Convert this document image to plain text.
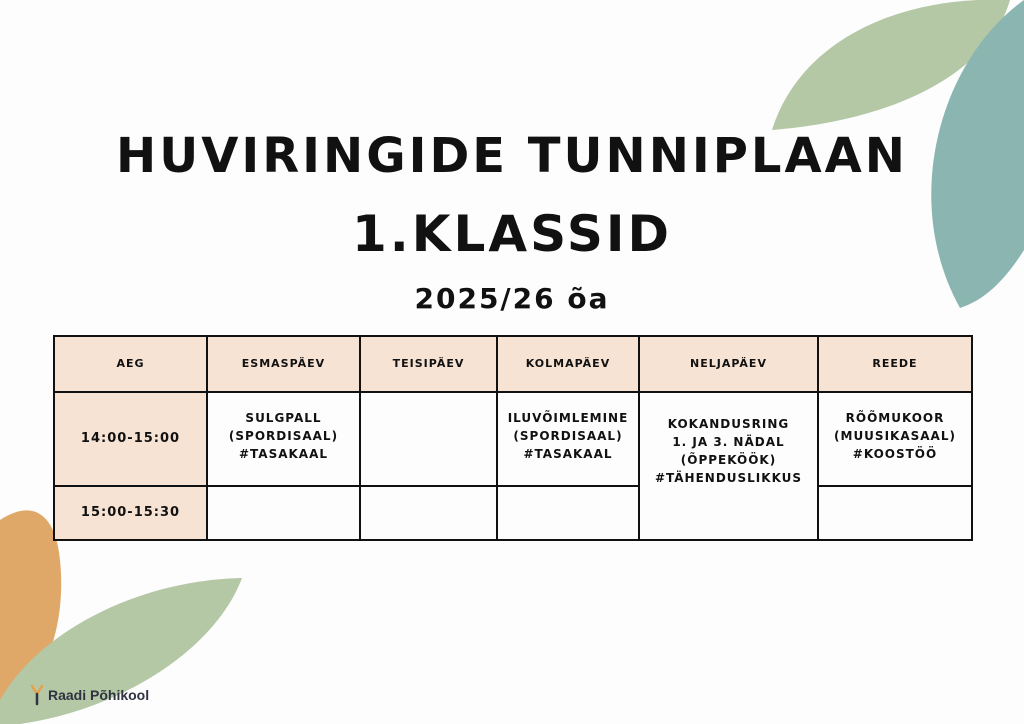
HUVIRINGIDE TUNNIPLAAN
1.KLASSID
2025/26 õa
AEG	ESMASPÄEV	TEISIPÄEV	KOLMAPÄEV	NELJAPÄEV	REEDE
14:00-15:00	SULGPALL
(SPORDISAAL)
#TASAKAAL		ILUVÕIMLEMINE
(SPORDISAAL)
#TASAKAAL	KOKANDUSRING
1. JA 3. NÄDAL
(ÕPPEKÖÖK)
#TÄHENDUSLIKKUS	RÕÕMUKOOR
(MUUSIKASAAL)
#KOOSTÖÖ

15:00-15:30					
Raadi Põhikool
